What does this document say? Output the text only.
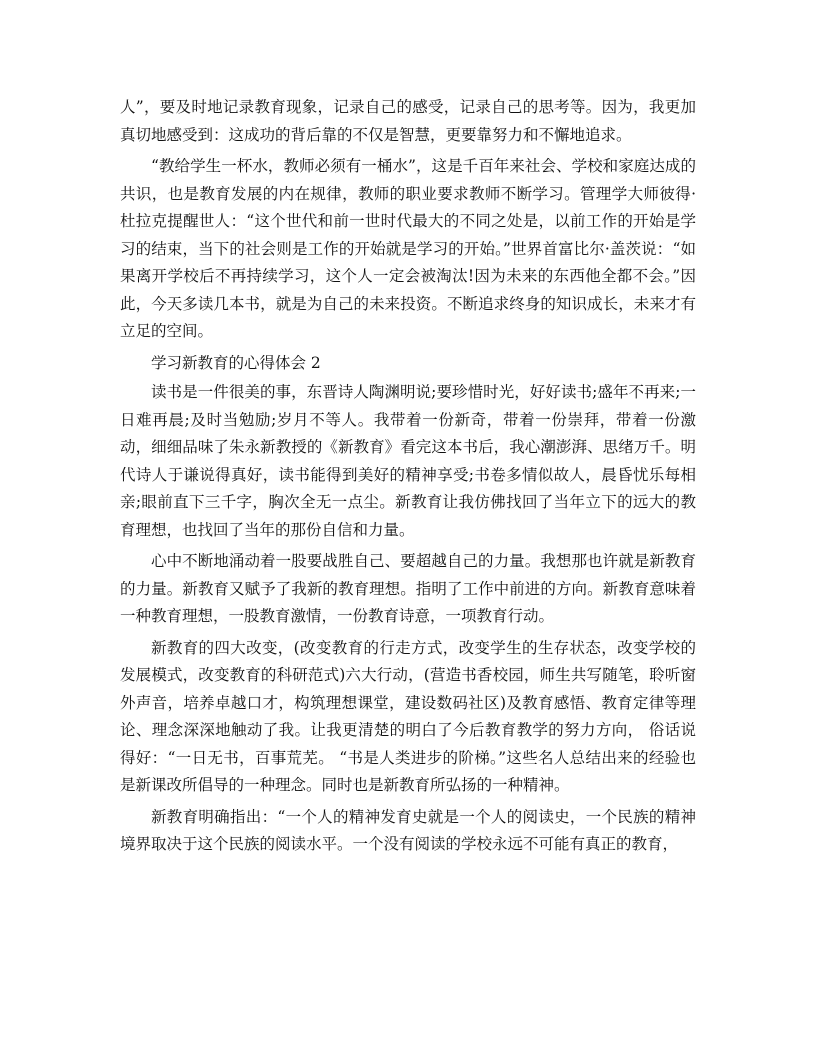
人”，要及时地记录教育现象，记录自己的感受，记录自己的思考等。因为，我更加真切地感受到：这成功的背后靠的不仅是智慧，更要靠努力和不懈地追求。

“教给学生一杯水，教师必须有一桶水”，这是千百年来社会、学校和家庭达成的共识，也是教育发展的内在规律，教师的职业要求教师不断学习。管理学大师彼得·杜拉克提醒世人：“这个世代和前一世时代最大的不同之处是，以前工作的开始是学习的结束，当下的社会则是工作的开始就是学习的开始。”世界首富比尔·盖茨说：“如果离开学校后不再持续学习，这个人一定会被淘汰!因为未来的东西他全都不会。”因此，今天多读几本书，就是为自己的未来投资。不断追求终身的知识成长，未来才有立足的空间。

学习新教育的心得体会 2

读书是一件很美的事，东晋诗人陶渊明说;要珍惜时光，好好读书;盛年不再来;一日难再晨;及时当勉励;岁月不等人。我带着一份新奇，带着一份崇拜，带着一份激动，细细品味了朱永新教授的《新教育》看完这本书后，我心潮澎湃、思绪万千。明代诗人于谦说得真好，读书能得到美好的精神享受;书卷多情似故人，晨昏忧乐每相亲;眼前直下三千字，胸次全无一点尘。新教育让我仿佛找回了当年立下的远大的教育理想，也找回了当年的那份自信和力量。

心中不断地涌动着一股要战胜自己、要超越自己的力量。我想那也许就是新教育的力量。新教育又赋予了我新的教育理想。指明了工作中前进的方向。新教育意味着一种教育理想，一股教育激情，一份教育诗意，一项教育行动。

新教育的四大改变，(改变教育的行走方式，改变学生的生存状态，改变学校的发展模式，改变教育的科研范式)六大行动，(营造书香校园，师生共写随笔，聆听窗外声音，培养卓越口才，构筑理想课堂，建设数码社区)及教育感悟、教育定律等理论、理念深深地触动了我。让我更清楚的明白了今后教育教学的努力方向， 俗话说得好：“一日无书，百事荒芜。 “书是人类进步的阶梯。”这些名人总结出来的经验也是新课改所倡导的一种理念。同时也是新教育所弘扬的一种精神。

新教育明确指出：“一个人的精神发育史就是一个人的阅读史，一个民族的精神境界取决于这个民族的阅读水平。一个没有阅读的学校永远不可能有真正的教育，
